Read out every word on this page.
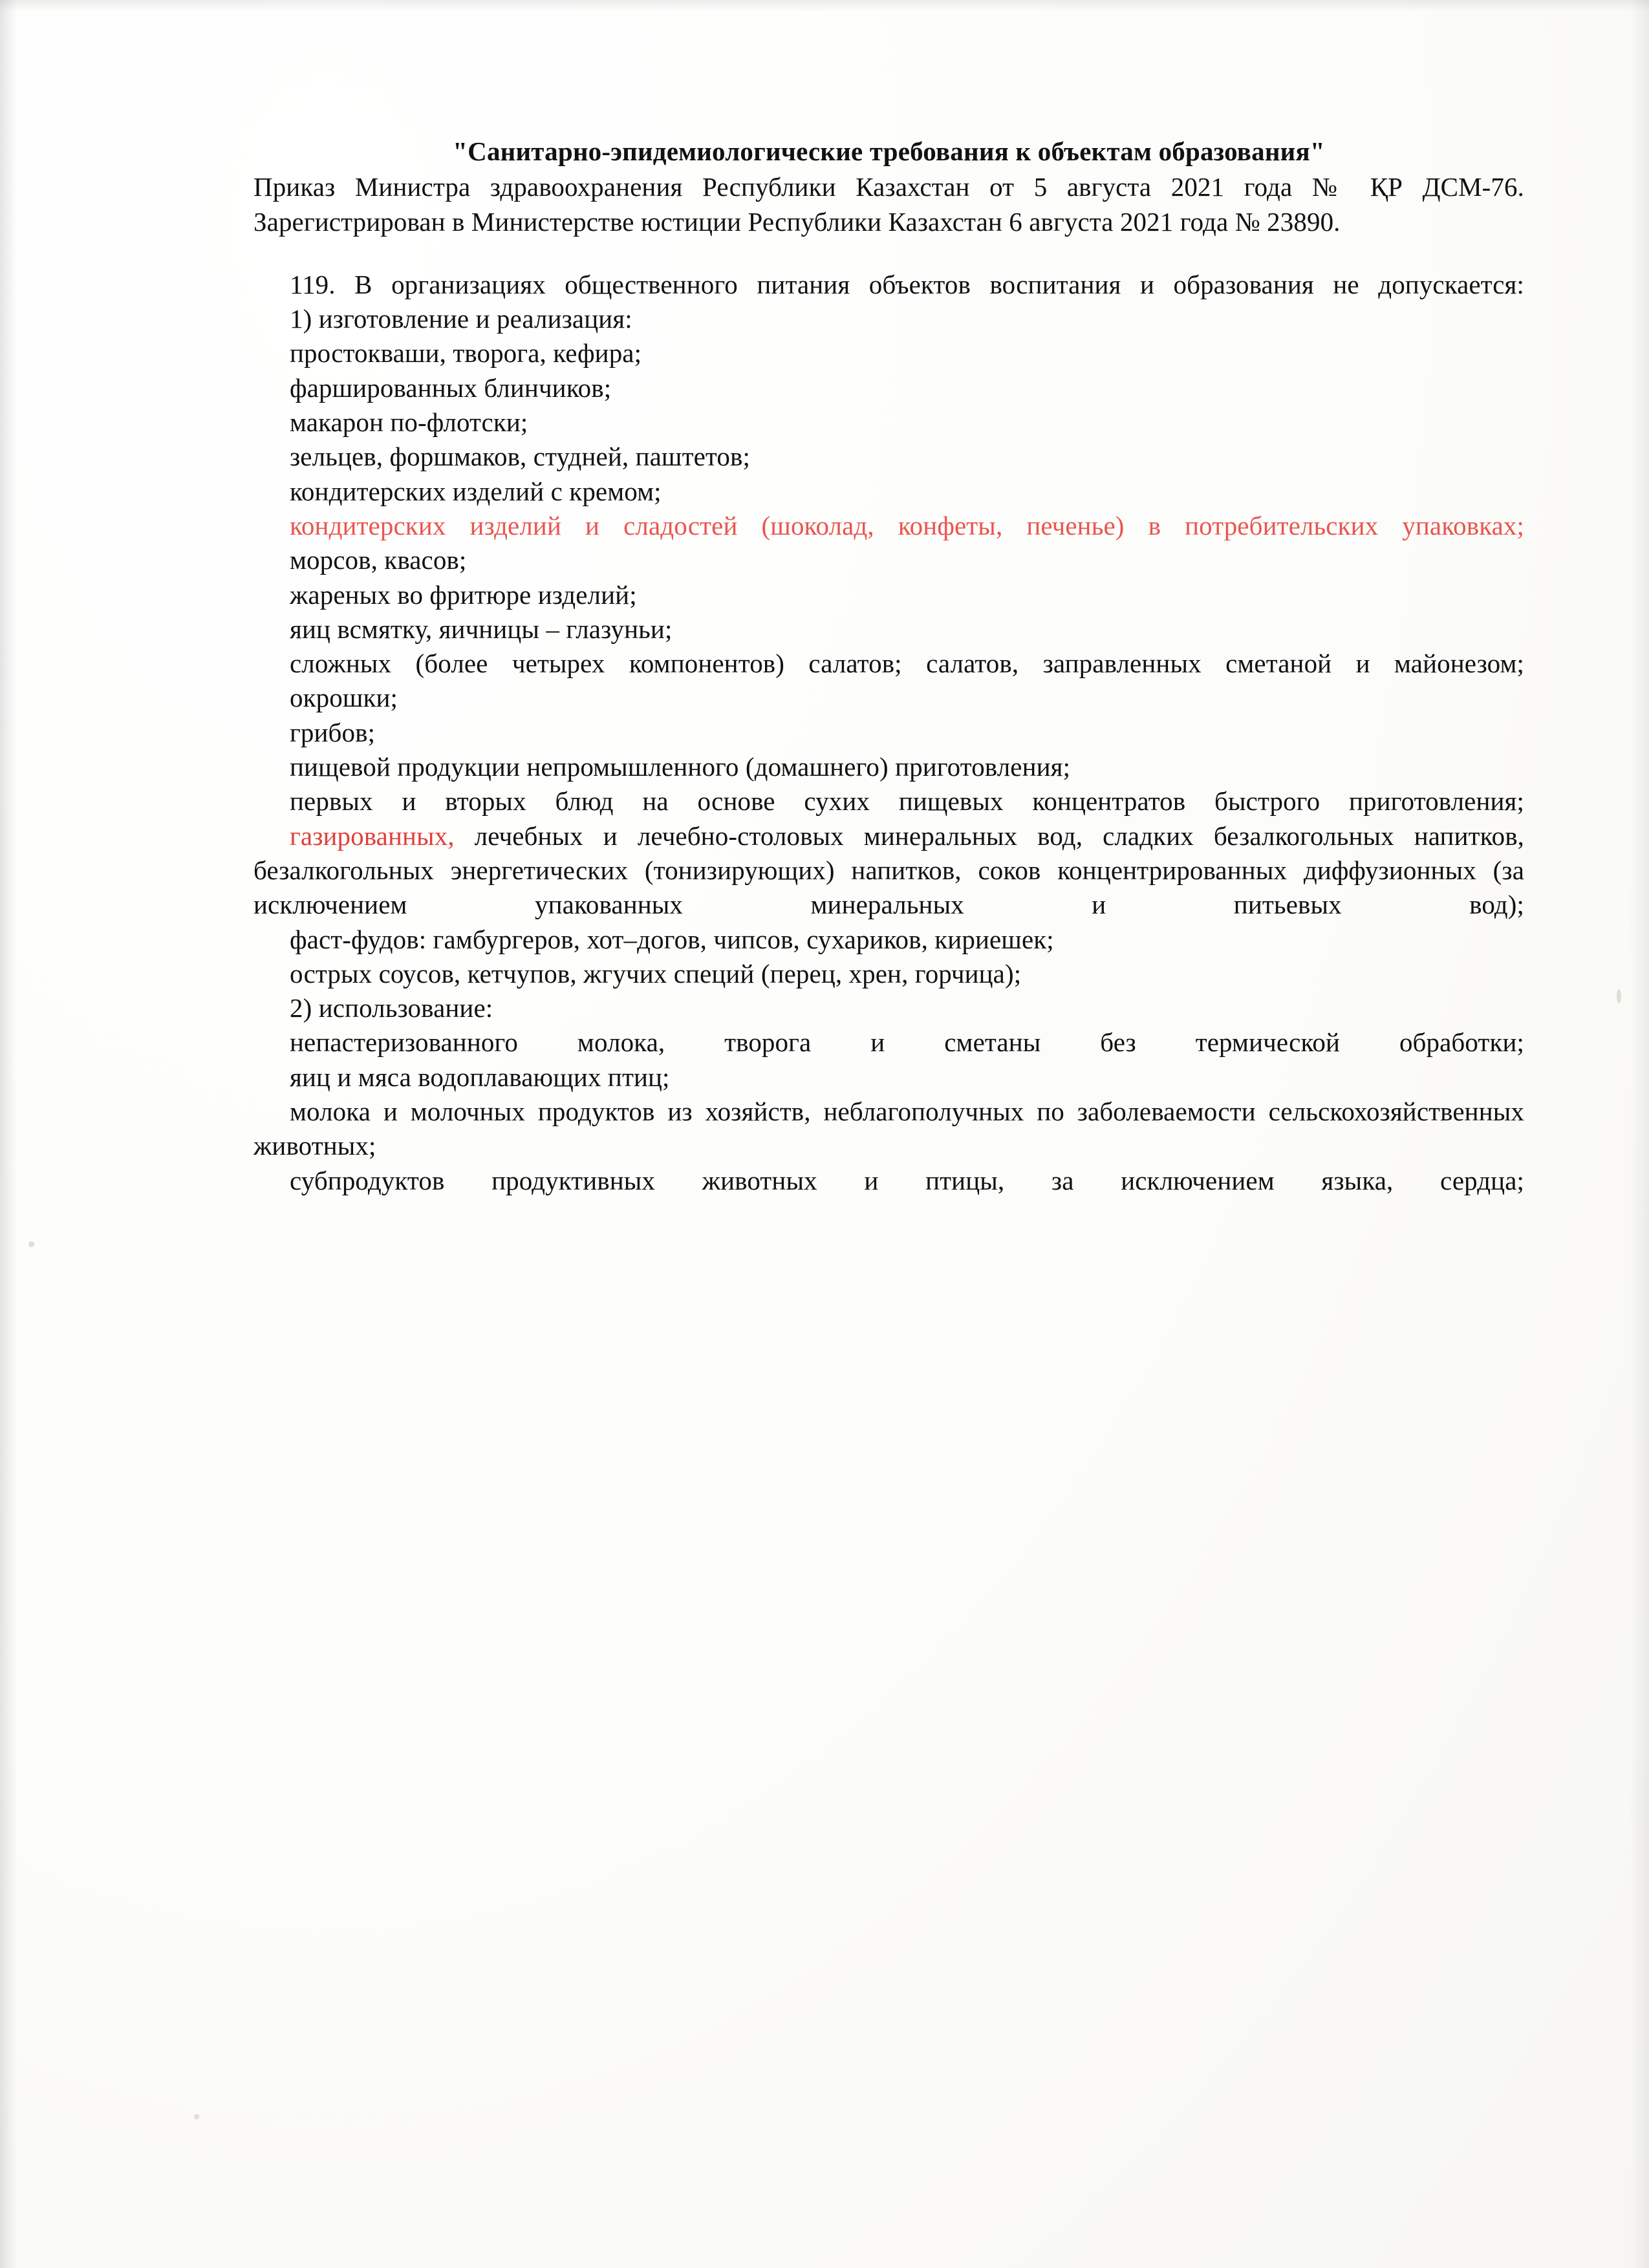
"Санитарно-эпидемиологические требования к объектам образования"

Приказ Министра здравоохранения Республики Казахстан от 5 августа 2021 года № ҚР ДСМ-76. Зарегистрирован в Министерстве юстиции Республики Казахстан 6 августа 2021 года № 23890.

119. В организациях общественного питания объектов воспитания и образования не допускается:

1) изготовление и реализация:

простокваши, творога, кефира;

фаршированных блинчиков;

макарон по-флотски;

зельцев, форшмаков, студней, паштетов;

кондитерских изделий с кремом;

кондитерских изделий и сладостей (шоколад, конфеты, печенье) в потребительских упаковках;

морсов, квасов;

жареных во фритюре изделий;

яиц всмятку, яичницы – глазуньи;

сложных (более четырех компонентов) салатов; салатов, заправленных сметаной и майонезом;

окрошки;

грибов;

пищевой продукции непромышленного (домашнего) приготовления;

первых и вторых блюд на основе сухих пищевых концентратов быстрого приготовления;

газированных, лечебных и лечебно-столовых минеральных вод, сладких безалкогольных напитков, безалкогольных энергетических (тонизирующих) напитков, соков концентрированных диффузионных (за исключением упакованных минеральных и питьевых вод);

фаст-фудов: гамбургеров, хот–догов, чипсов, сухариков, кириешек;

острых соусов, кетчупов, жгучих специй (перец, хрен, горчица);

2) использование:

непастеризованного молока, творога и сметаны без термической обработки;

яиц и мяса водоплавающих птиц;

молока и молочных продуктов из хозяйств, неблагополучных по заболеваемости сельскохозяйственных животных;

субпродуктов продуктивных животных и птицы, за исключением языка, сердца;
